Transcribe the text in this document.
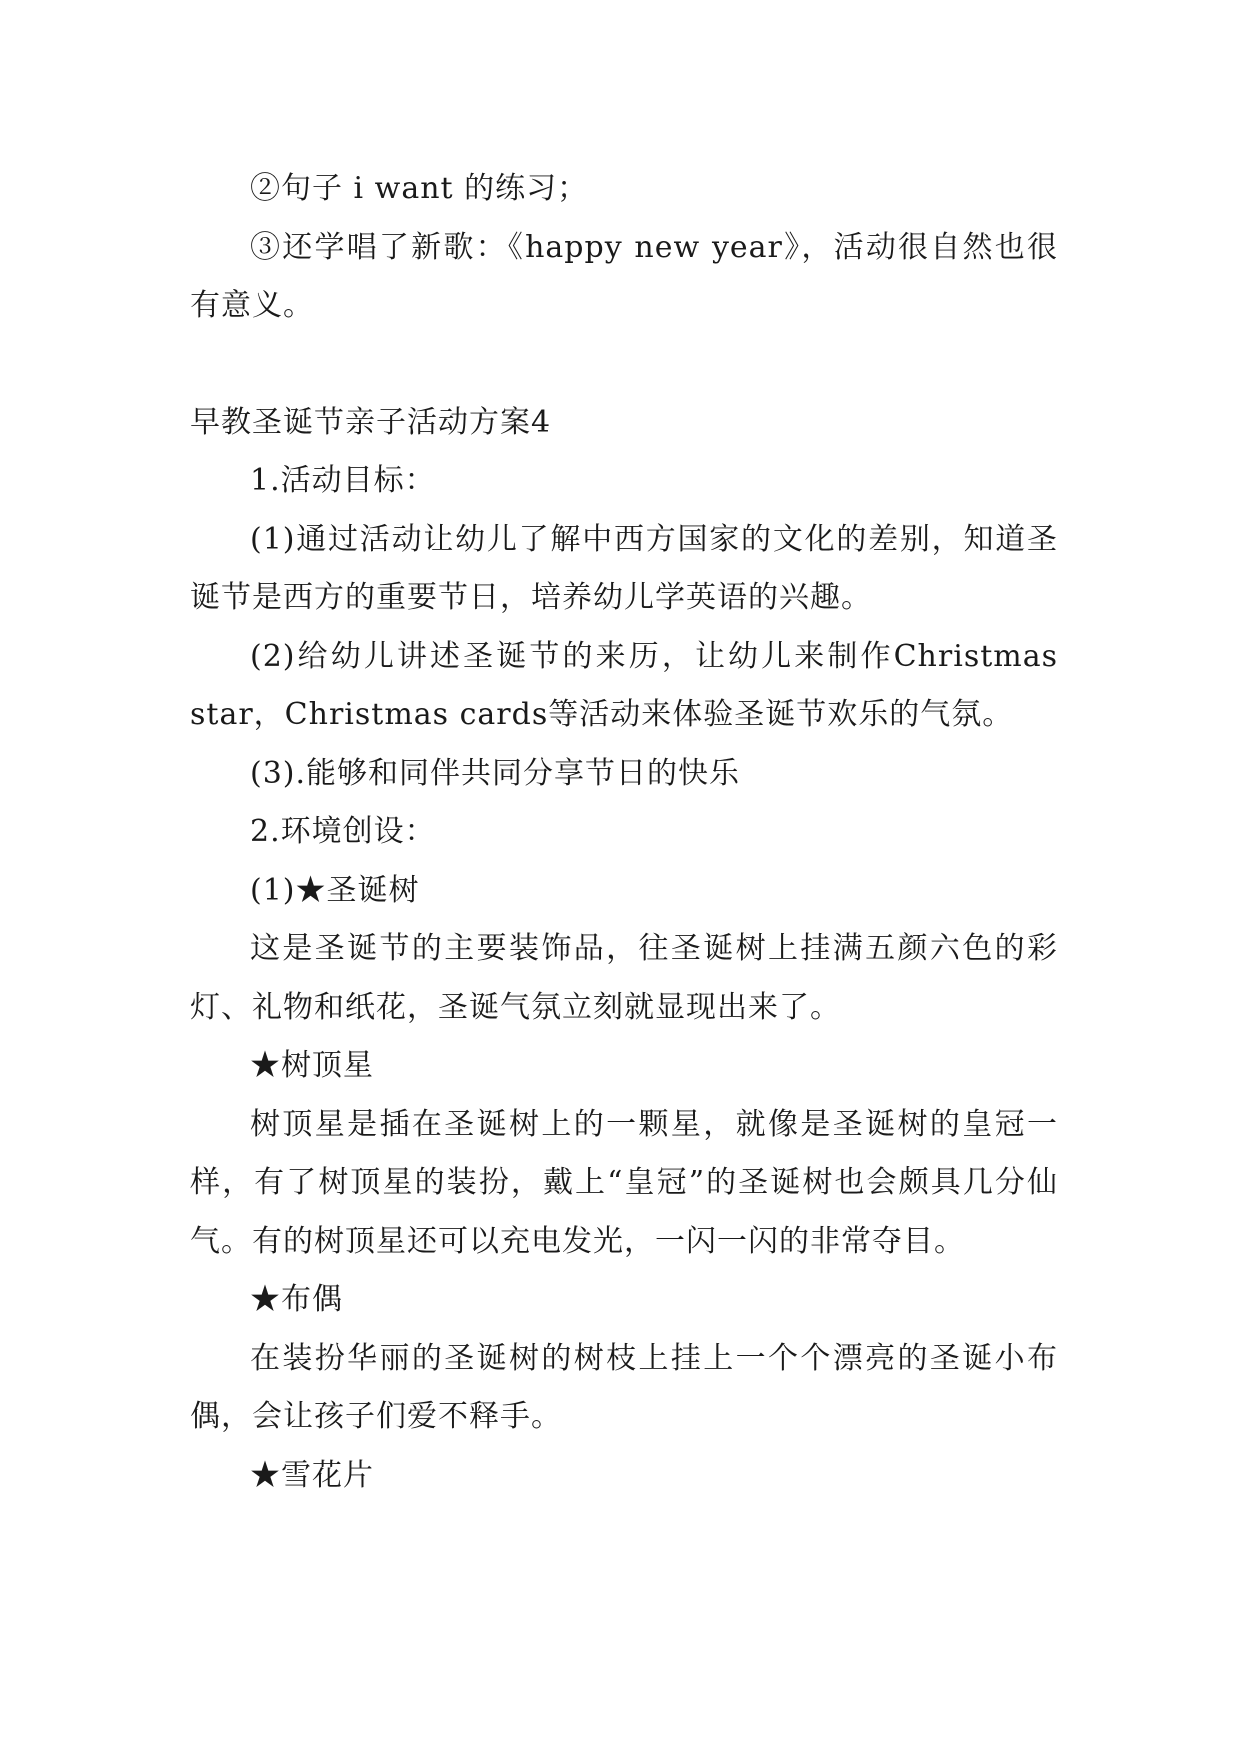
②句子 i want 的练习；

③还学唱了新歌：《happy new year》，活动很自然也很有意义。

早教圣诞节亲子活动方案4

1.活动目标：

(1)通过活动让幼儿了解中西方国家的文化的差别，知道圣诞节是西方的重要节日，培养幼儿学英语的兴趣。

(2)给幼儿讲述圣诞节的来历，让幼儿来制作Christmas star，Christmas cards等活动来体验圣诞节欢乐的气氛。

(3).能够和同伴共同分享节日的快乐

2.环境创设：

(1)★圣诞树

这是圣诞节的主要装饰品，往圣诞树上挂满五颜六色的彩灯、礼物和纸花，圣诞气氛立刻就显现出来了。

★树顶星

树顶星是插在圣诞树上的一颗星，就像是圣诞树的皇冠一样，有了树顶星的装扮，戴上“皇冠”的圣诞树也会颇具几分仙气。有的树顶星还可以充电发光，一闪一闪的非常夺目。

★布偶

在装扮华丽的圣诞树的树枝上挂上一个个漂亮的圣诞小布偶，会让孩子们爱不释手。

★雪花片
